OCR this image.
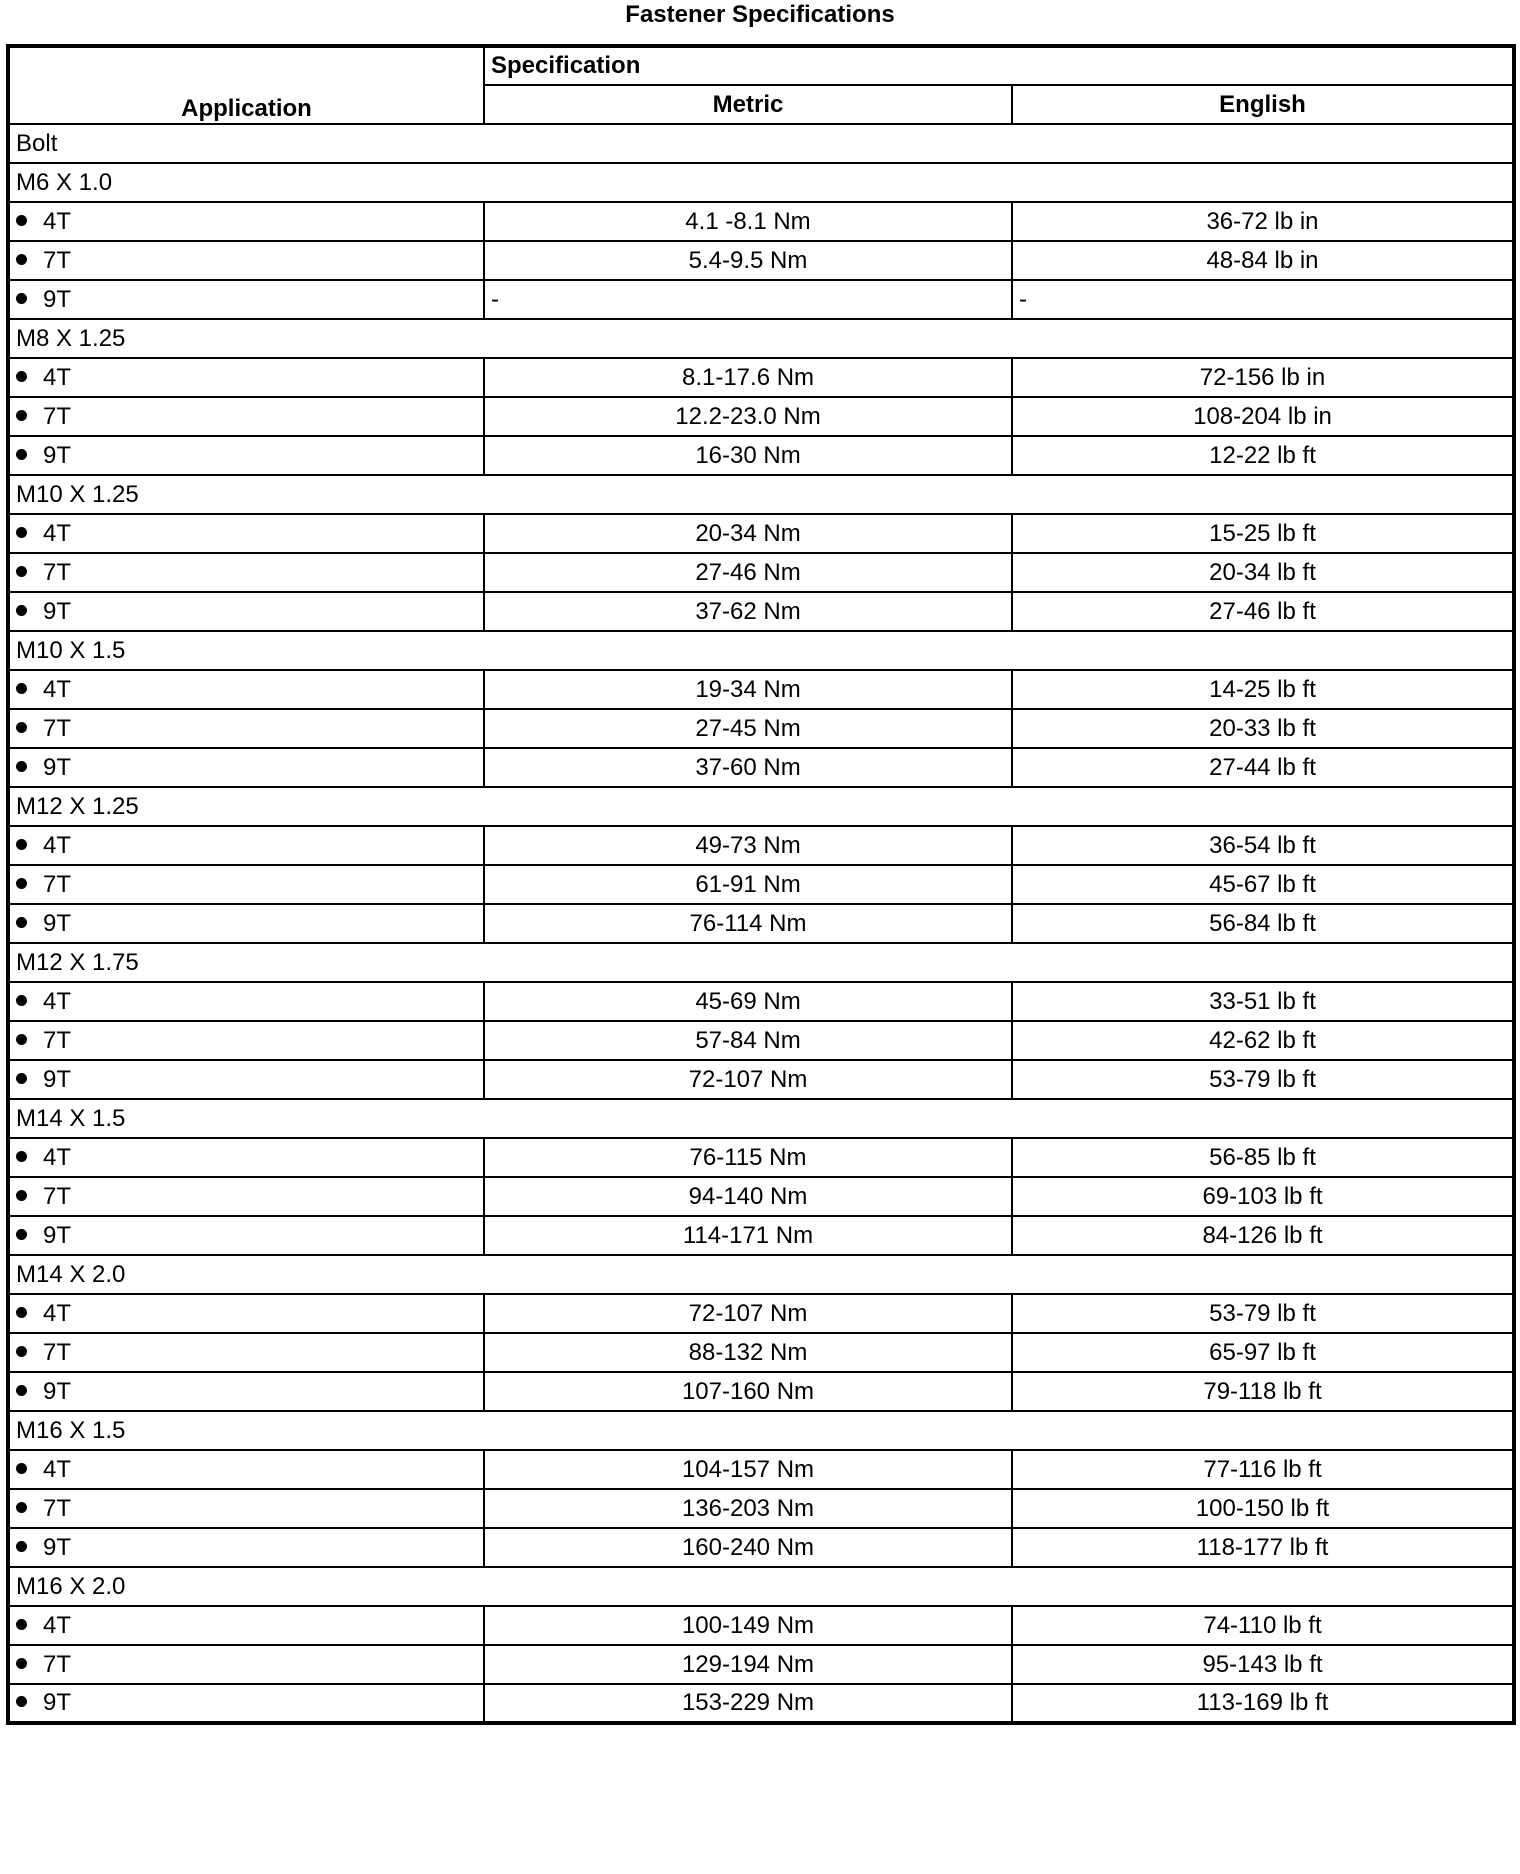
Fastener Specifications
Application	Specification	
	Metric	English
Bolt		
M6 X 1.0		
4T	4.1 -8.1 Nm	36-72 lb in
7T	5.4-9.5 Nm	48-84 lb in
9T	-	-
M8 X 1.25		
4T	8.1-17.6 Nm	72-156 lb in
7T	12.2-23.0 Nm	108-204 lb in
9T	16-30 Nm	12-22 lb ft
M10 X 1.25		
4T	20-34 Nm	15-25 lb ft
7T	27-46 Nm	20-34 lb ft
9T	37-62 Nm	27-46 lb ft
M10 X 1.5		
4T	19-34 Nm	14-25 lb ft
7T	27-45 Nm	20-33 lb ft
9T	37-60 Nm	27-44 lb ft
M12 X 1.25		
4T	49-73 Nm	36-54 lb ft
7T	61-91 Nm	45-67 lb ft
9T	76-114 Nm	56-84 lb ft
M12 X 1.75		
4T	45-69 Nm	33-51 lb ft
7T	57-84 Nm	42-62 lb ft
9T	72-107 Nm	53-79 lb ft
M14 X 1.5		
4T	76-115 Nm	56-85 lb ft
7T	94-140 Nm	69-103 lb ft
9T	114-171 Nm	84-126 lb ft
M14 X 2.0		
4T	72-107 Nm	53-79 lb ft
7T	88-132 Nm	65-97 lb ft
9T	107-160 Nm	79-118 lb ft
M16 X 1.5		
4T	104-157 Nm	77-116 lb ft
7T	136-203 Nm	100-150 lb ft
9T	160-240 Nm	118-177 lb ft
M16 X 2.0		
4T	100-149 Nm	74-110 lb ft
7T	129-194 Nm	95-143 lb ft
9T	153-229 Nm	113-169 lb ft
